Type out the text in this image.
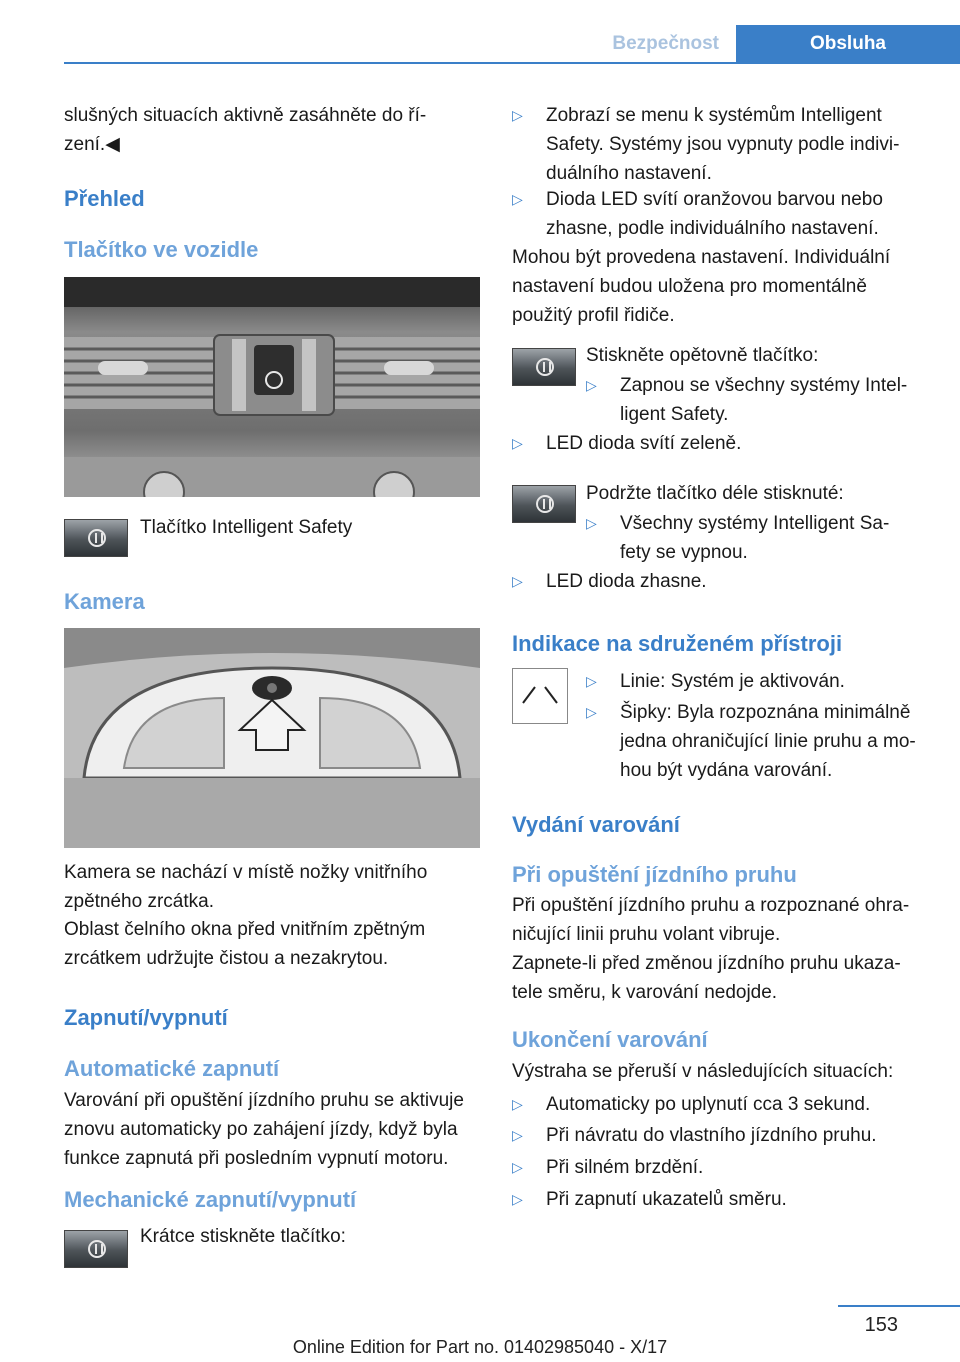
Bezpečnost	Obsluha

slušných situacích aktivně zasáhněte do ří‐

zení.◀

Přehled
Tlačítko ve vozidle

Tlačítko Intelligent Safety

Kamera

Kamera se nachází v místě nožky vnitřního

zpětného zrcátka.

Oblast čelního okna před vnitřním zpětným

zrcátkem udržujte čistou a nezakrytou.

Zapnutí/vypnutí
Automatické zapnutí

Varování při opuštění jízdního pruhu se aktivuje

znovu automaticky po zahájení jízdy, když byla

funkce zapnutá při posledním vypnutí motoru.

Mechanické zapnutí/vypnutí

Krátce stiskněte tlačítko:

▷ Zobrazí se menu k systémům Intelligent

Safety. Systémy jsou vypnuty podle indivi‐

duálního nastavení.

▷ Dioda LED svítí oranžovou barvou nebo

zhasne, podle individuálního nastavení.

Mohou být provedena nastavení. Individuální

nastavení budou uložena pro momentálně

použitý profil řidiče.

Stiskněte opětovně tlačítko:

▷ Zapnou se všechny systémy Intel‐

ligent Safety.

▷ LED dioda svítí zeleně.

Podržte tlačítko déle stisknuté:

▷ Všechny systémy Intelligent Sa‐

fety se vypnou.

▷ LED dioda zhasne.
Indikace na sdruženém přístroji
▷ Linie: Systém je aktivován.
▷ Šipky: Byla rozpoznána minimálně

jedna ohraničující linie pruhu a mo‐

hou být vydána varování.

Vydání varování
Při opuštění jízdního pruhu

Při opuštění jízdního pruhu a rozpoznané ohra‐

ničující linii pruhu volant vibruje.

Zapnete-li před změnou jízdního pruhu ukaza‐

tele směru, k varování nedojde.

Ukončení varování

Výstraha se přeruší v následujících situacích:

▷ Automaticky po uplynutí cca 3 sekund.
▷ Při návratu do vlastního jízdního pruhu.
▷ Při silném brzdění.
▷ Při zapnutí ukazatelů směru.
153
Online Edition for Part no. 01402985040 - X/17
